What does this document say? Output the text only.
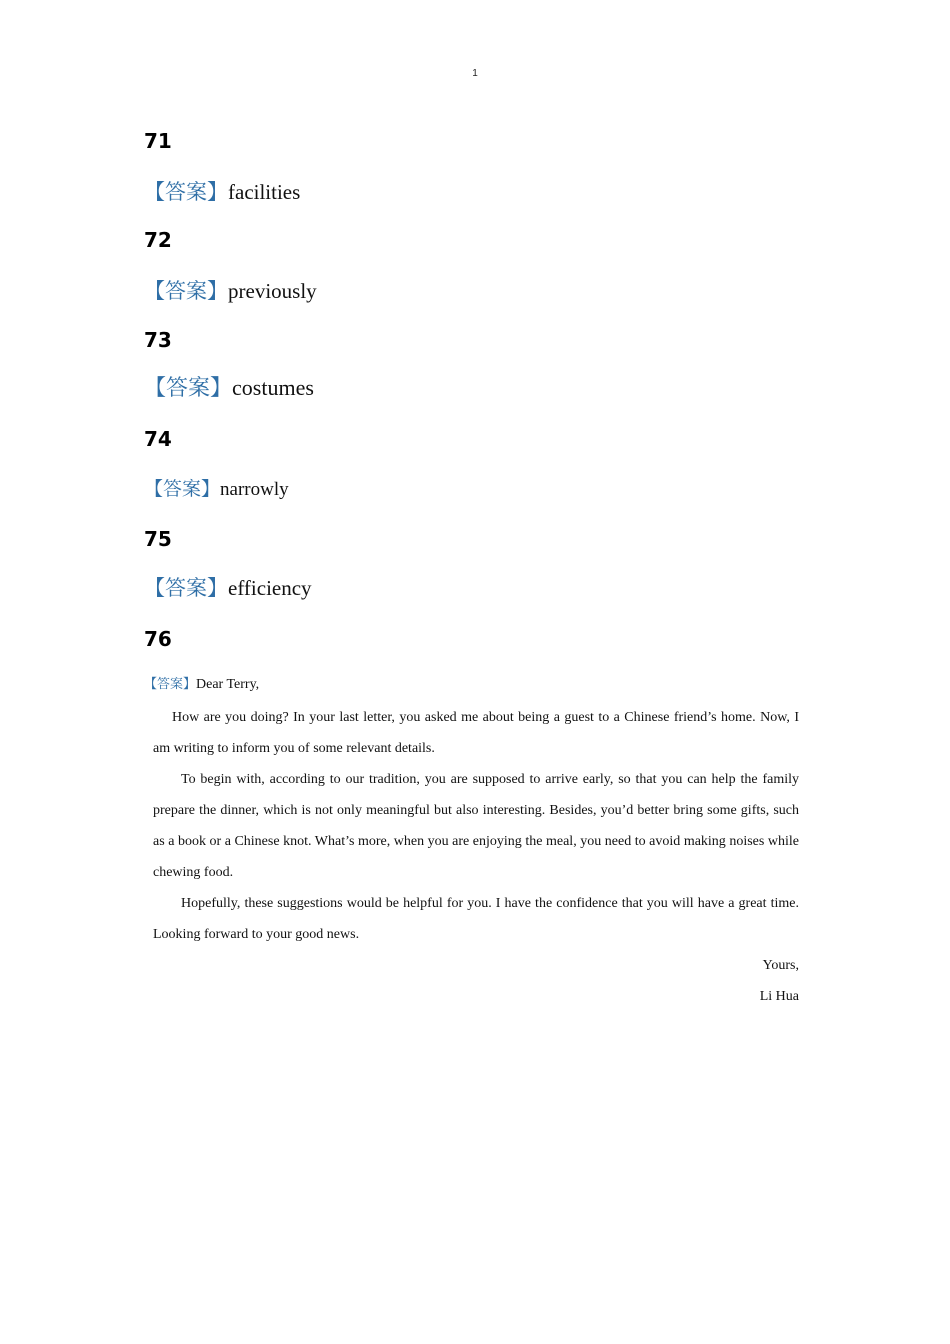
1
71
【答案】facilities
72
【答案】previously
73
【答案】costumes
74
【答案】narrowly
75
【答案】efficiency
76
【答案】Dear Terry,

How are you doing? In your last letter, you asked me about being a guest to a Chinese friend’s home. Now, I am writing to inform you of some relevant details.

To begin with, according to our tradition, you are supposed to arrive early, so that you can help the family prepare the dinner, which is not only meaningful but also interesting. Besides, you’d better bring some gifts, such as a book or a Chinese knot. What’s more, when you are enjoying the meal, you need to avoid making noises while chewing food.

Hopefully, these suggestions would be helpful for you. I have the confidence that you will have a great time. Looking forward to your good news.

Yours,

Li Hua
